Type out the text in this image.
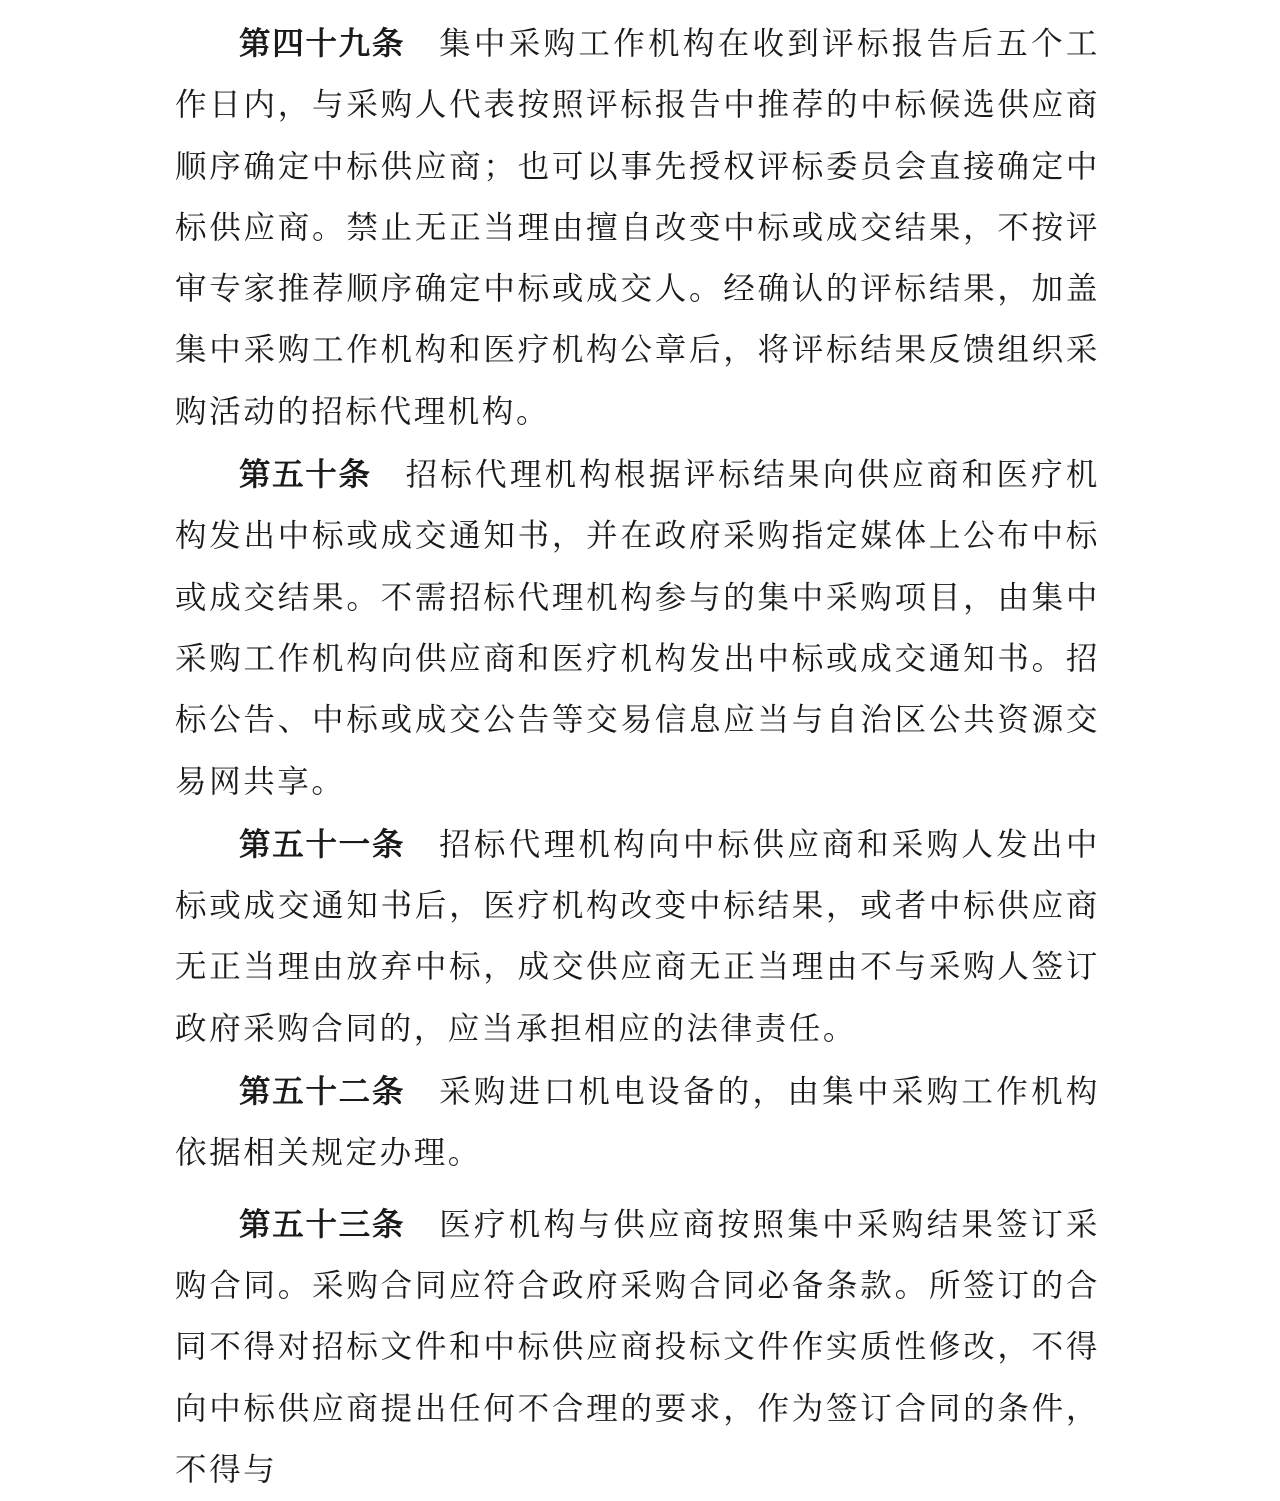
第四十九条 集中采购工作机构在收到评标报告后五个工作日内，与采购人代表按照评标报告中推荐的中标候选供应商顺序确定中标供应商；也可以事先授权评标委员会直接确定中标供应商。禁止无正当理由擅自改变中标或成交结果，不按评审专家推荐顺序确定中标或成交人。经确认的评标结果，加盖集中采购工作机构和医疗机构公章后，将评标结果反馈组织采购活动的招标代理机构。

第五十条 招标代理机构根据评标结果向供应商和医疗机构发出中标或成交通知书，并在政府采购指定媒体上公布中标或成交结果。不需招标代理机构参与的集中采购项目，由集中采购工作机构向供应商和医疗机构发出中标或成交通知书。招标公告、中标或成交公告等交易信息应当与自治区公共资源交易网共享。

第五十一条 招标代理机构向中标供应商和采购人发出中标或成交通知书后，医疗机构改变中标结果，或者中标供应商无正当理由放弃中标，成交供应商无正当理由不与采购人签订政府采购合同的，应当承担相应的法律责任。

第五十二条 采购进口机电设备的，由集中采购工作机构依据相关规定办理。

第五十三条 医疗机构与供应商按照集中采购结果签订采购合同。采购合同应符合政府采购合同必备条款。所签订的合同不得对招标文件和中标供应商投标文件作实质性修改，不得向中标供应商提出任何不合理的要求，作为签订合同的条件，不得与
